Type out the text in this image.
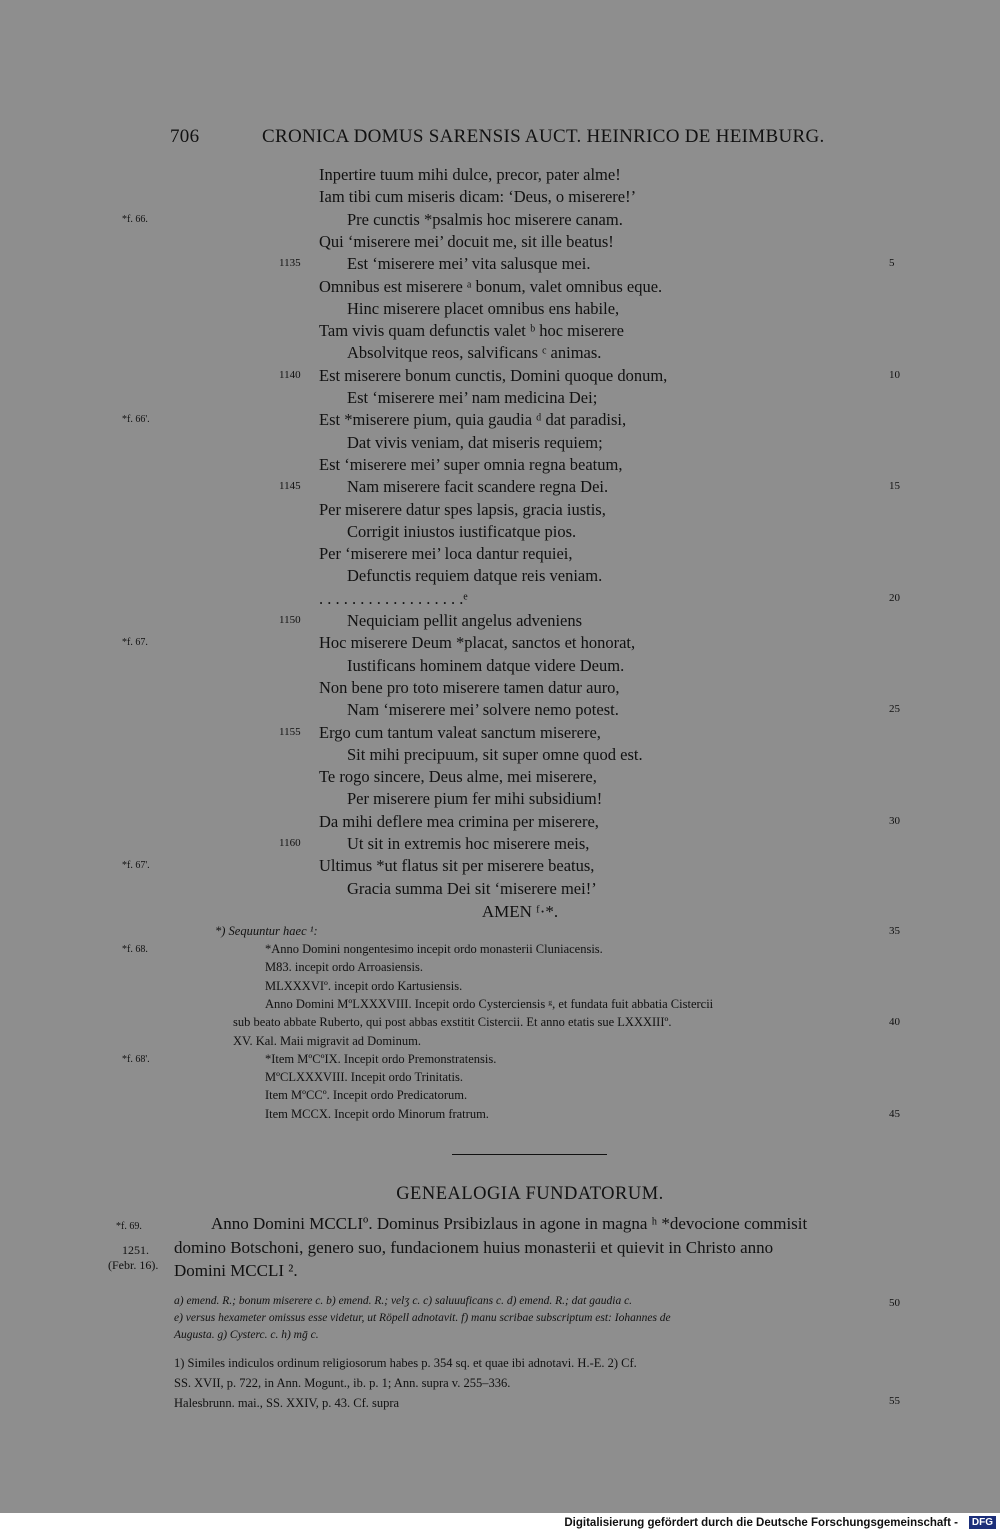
706	CRONICA DOMUS SARENSIS AUCT. HEINRICO DE HEIMBURG.
Inpertire tuum mihi dulce, precor, pater alme!
Iam tibi cum miseris dicam: ‘Deus, o miserere!’
Pre cunctis *psalmis hoc miserere canam.
*f. 66.
Qui ‘miserere mei’ docuit me, sit ille beatus!
Est ‘miserere mei’ vita salusque mei.
1135	5
Omnibus est miserere ᵃ bonum, valet omnibus eque.
Hinc miserere placet omnibus ens habile,
Tam vivis quam defunctis valet ᵇ hoc miserere
Absolvitque reos, salvificans ᶜ animas.
Est miserere bonum cunctis, Domini quoque donum,
1140	10
Est ‘miserere mei’ nam medicina Dei;
Est *miserere pium, quia gaudia ᵈ dat paradisi,
*f. 66'.
Dat vivis veniam, dat miseris requiem;
Est ‘miserere mei’ super omnia regna beatum,
Nam miserere facit scandere regna Dei.
1145	15
Per miserere datur spes lapsis, gracia iustis,
Corrigit iniustos iustificatque pios.
Per ‘miserere mei’ loca dantur requiei,
Defunctis requiem datque reis veniam.
. . . . . . . . . . . . . . . . . .ᵉ	20
Nequiciam pellit angelus adveniens
1150
Hoc miserere Deum *placat, sanctos et honorat,
*f. 67.
Iustificans hominem datque videre Deum.
Non bene pro toto miserere tamen datur auro,
Nam ‘miserere mei’ solvere nemo potest.	25
Ergo cum tantum valeat sanctum miserere,
1155
Sit mihi precipuum, sit super omne quod est.
Te rogo sincere, Deus alme, mei miserere,
Per miserere pium fer mihi subsidium!
Da mihi deflere mea crimina per miserere,	30
Ut sit in extremis hoc miserere meis,
1160
Ultimus *ut flatus sit per miserere beatus,
*f. 67'.
Gracia summa Dei sit ‘miserere mei!’
AMEN ᶠ·*.
*) Sequuntur haec ¹:	35
*Anno Domini nongentesimo incepit ordo monasterii Cluniacensis.
*f. 68.
M83. incepit ordo Arroasiensis.
MLXXXVIº. incepit ordo Kartusiensis.
Anno Domini MºLXXXVIII. Incepit ordo Cysterciensis ᵍ, et fundata fuit abbatia Cistercii
sub beato abbate Ruberto, qui post abbas exstitit Cistercii. Et anno etatis sue LXXXIIIº.	40
XV. Kal. Maii migravit ad Dominum.
*Item MºCºIX. Incepit ordo Premonstratensis.
*f. 68'.
MºCLXXXVIII. Incepit ordo Trinitatis.
Item MºCCº. Incepit ordo Predicatorum.
Item MCCX. Incepit ordo Minorum fratrum.	45
GENEALOGIA FUNDATORUM.
*f. 69.
1251.
(Febr. 16).
Anno Domini MCCLIº. Dominus Prsibizlaus in agone in magna ʰ *devocione commisit
domino Botschoni, genero suo, fundacionem huius monasterii et quievit in Christo anno
Domini MCCLI ².
a) emend. R.; bonum miserere c. b) emend. R.; velʒ c. c) saluuuficans c. d) emend. R.; dat gaudia c.
e) versus hexameter omissus esse videtur, ut Röpell adnotavit. f) manu scribae subscriptum est: Iohannes de
Augusta. g) Cysterc. c. h) mḡ c.
50
1) Similes indiculos ordinum religiosorum habes p. 354 sq. et quae ibi adnotavi. H.-E. 2) Cf.
SS. XVII, p. 722, in Ann. Mogunt., ib. p. 1; Ann. supra v. 255–336.
Halesbrunn. mai., SS. XXIV, p. 43. Cf. supra	55
Digitalisierung gefördert durch die Deutsche Forschungsgemeinschaft -	DFG
